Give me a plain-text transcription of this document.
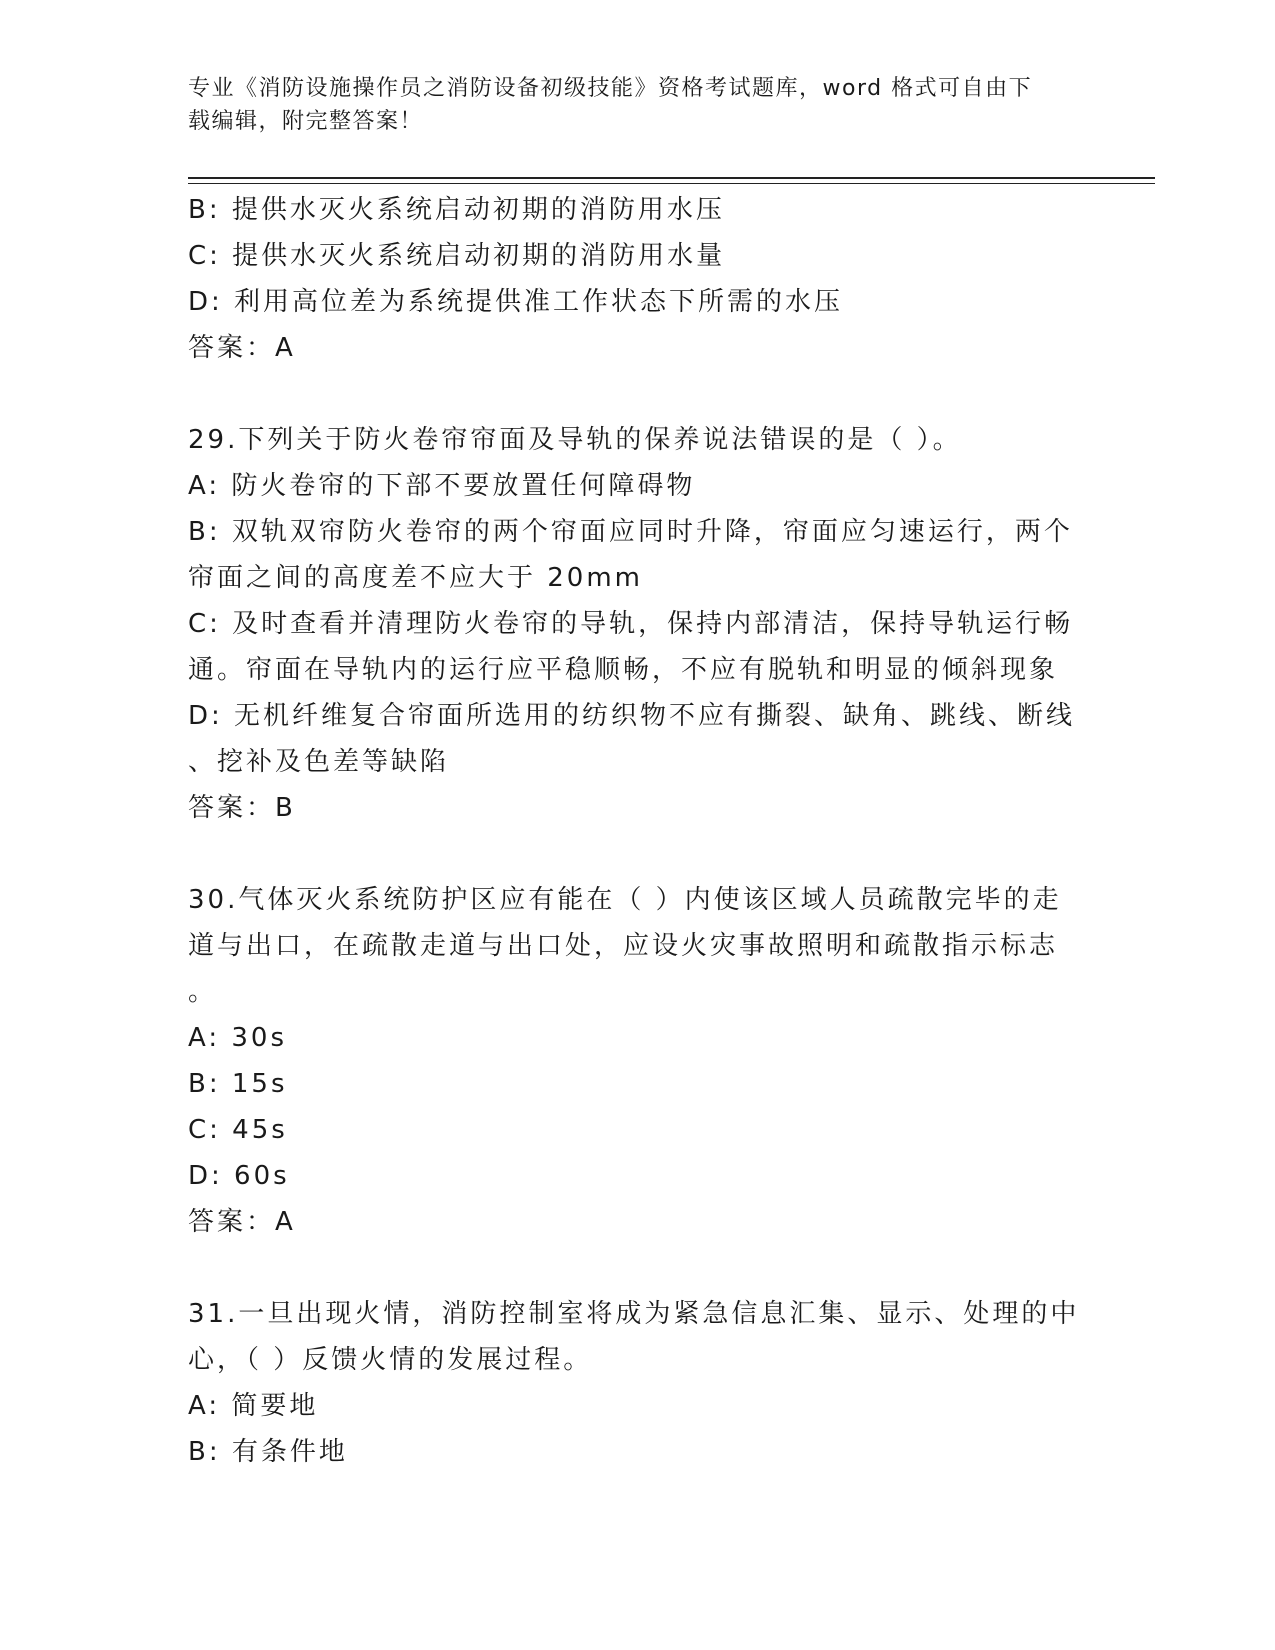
专业《消防设施操作员之消防设备初级技能》资格考试题库，word 格式可自由下
载编辑，附完整答案！
B: 提供水灭火系统启动初期的消防用水压
C: 提供水灭火系统启动初期的消防用水量
D: 利用高位差为系统提供准工作状态下所需的水压
答案：A
29.下列关于防火卷帘帘面及导轨的保养说法错误的是（ ）。
A: 防火卷帘的下部不要放置任何障碍物
B: 双轨双帘防火卷帘的两个帘面应同时升降，帘面应匀速运行，两个
帘面之间的高度差不应大于 20mm
C: 及时查看并清理防火卷帘的导轨，保持内部清洁，保持导轨运行畅
通。帘面在导轨内的运行应平稳顺畅，不应有脱轨和明显的倾斜现象
D: 无机纤维复合帘面所选用的纺织物不应有撕裂、缺角、跳线、断线
、挖补及色差等缺陷
答案：B
30.气体灭火系统防护区应有能在（ ）内使该区域人员疏散完毕的走
道与出口，在疏散走道与出口处，应设火灾事故照明和疏散指示标志
。
A: 30s
B: 15s
C: 45s
D: 60s
答案：A
31.一旦出现火情，消防控制室将成为紧急信息汇集、显示、处理的中
心，（ ）反馈火情的发展过程。
A: 简要地
B: 有条件地
